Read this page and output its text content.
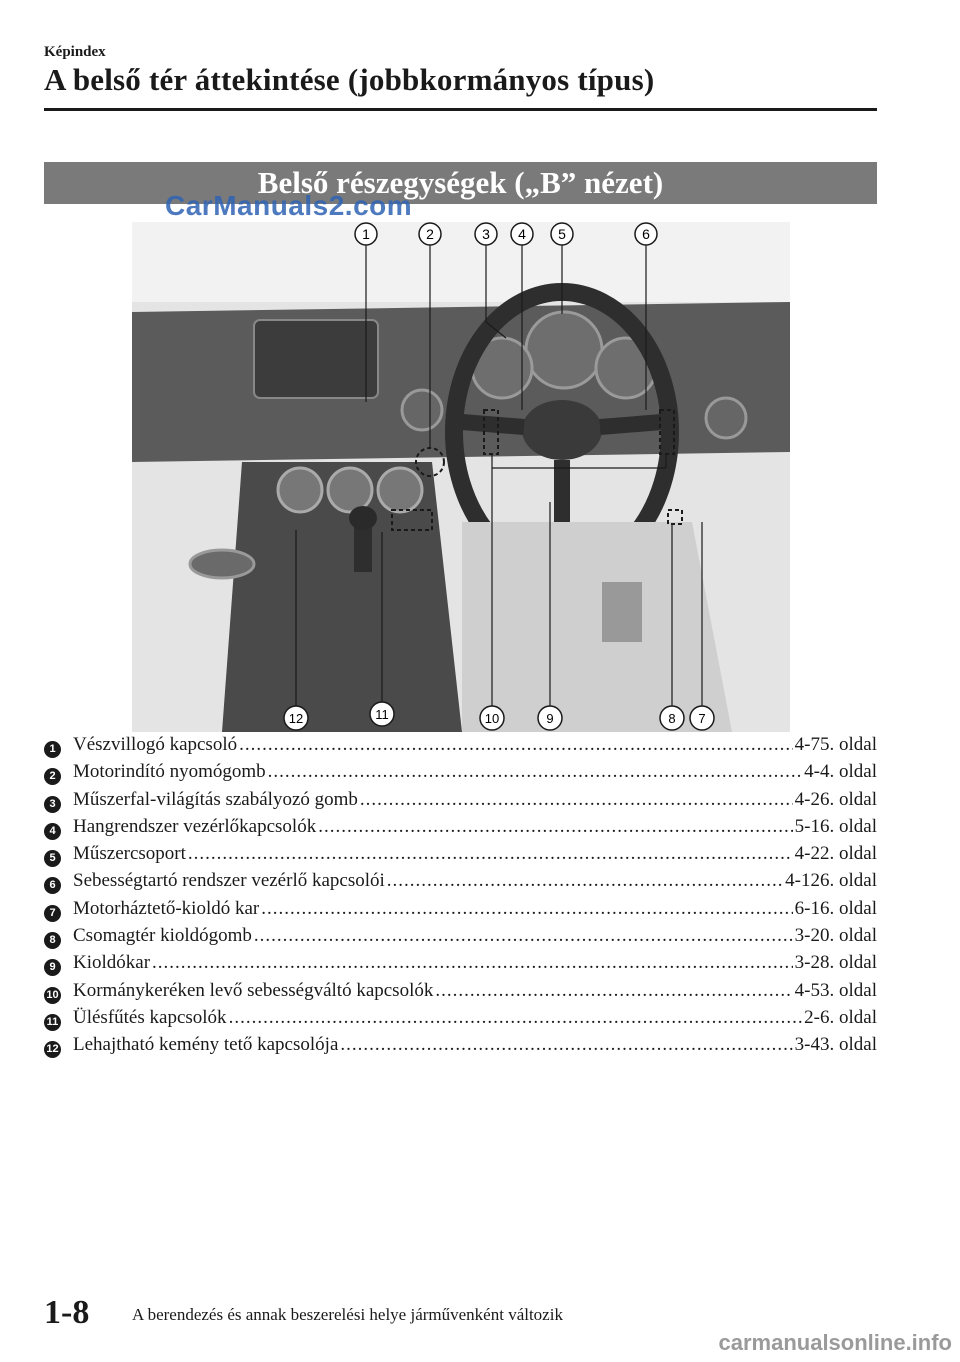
Képindex
A belső tér áttekintése (jobbkormányos típus)
Belső részegységek („B” nézet)
1	2	3 4 5	6
12	11	10	9	8 7
CarManuals2.com
1 Vészvillogó kapcsoló .....	4-75. oldal
2 Motorindító nyomógomb .....	4-4. oldal
3 Műszerfal-világítás szabályozó gomb .....	4-26. oldal
4 Hangrendszer vezérlőkapcsolók .....	5-16. oldal
5 Műszercsoport .....	4-22. oldal
6 Sebességtartó rendszer vezérlő kapcsolói .....	4-126. oldal
7 Motorháztető-kioldó kar .....	6-16. oldal
8 Csomagtér kioldógomb .....	3-20. oldal
9 Kioldókar .....	3-28. oldal
10 Kormánykeréken levő sebességváltó kapcsolók .....	4-53. oldal
11 Ülésfűtés kapcsolók .....	2-6. oldal
12 Lehajtható kemény tető kapcsolója .....	3-43. oldal
1-8	A berendezés és annak beszerelési helye járművenként változik
carmanualsonline.info
